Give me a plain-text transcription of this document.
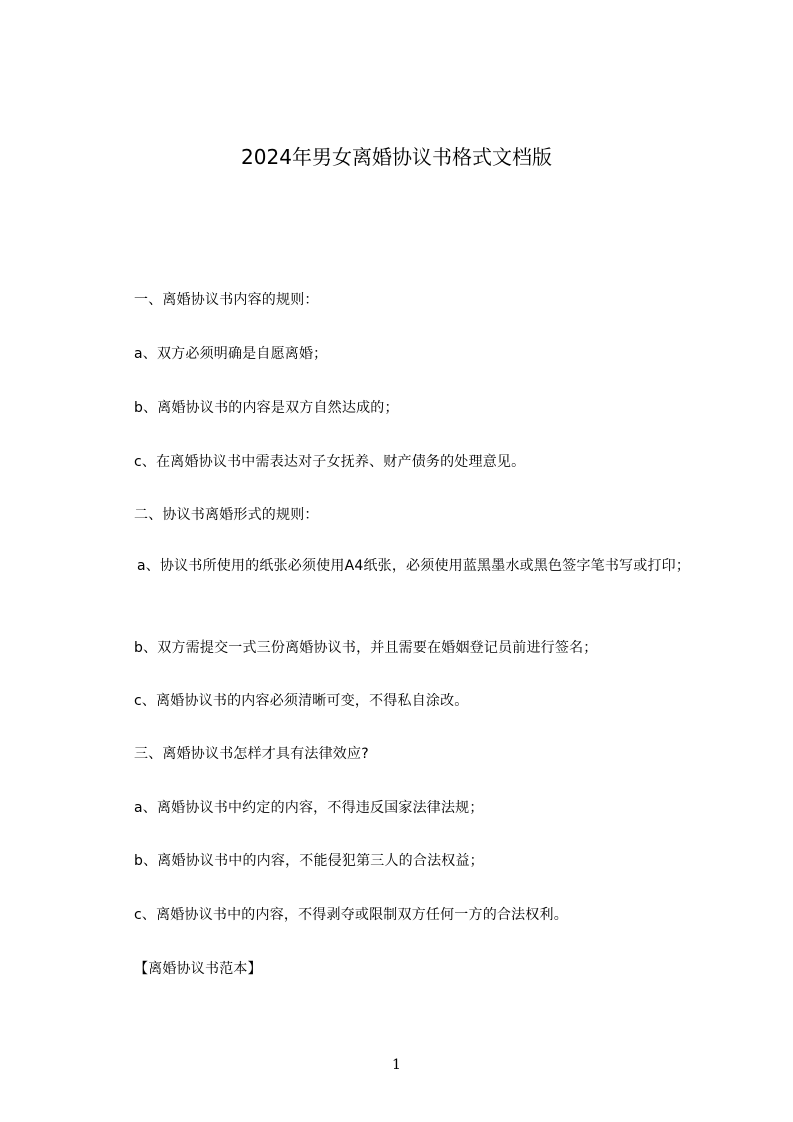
2024年男女离婚协议书格式文档版
一、离婚协议书内容的规则：
a、双方必须明确是自愿离婚；
b、离婚协议书的内容是双方自然达成的；
c、在离婚协议书中需表达对子女抚养、财产债务的处理意见。
二、协议书离婚形式的规则：
a、协议书所使用的纸张必须使用A4纸张，必须使用蓝黑墨水或黑色签字笔书写或打印；
b、双方需提交一式三份离婚协议书，并且需要在婚姻登记员前进行签名；
c、离婚协议书的内容必须清晰可变，不得私自涂改。
三、离婚协议书怎样才具有法律效应?
a、离婚协议书中约定的内容，不得违反国家法律法规；
b、离婚协议书中的内容，不能侵犯第三人的合法权益；
c、离婚协议书中的内容，不得剥夺或限制双方任何一方的合法权利。
【离婚协议书范本】
1
